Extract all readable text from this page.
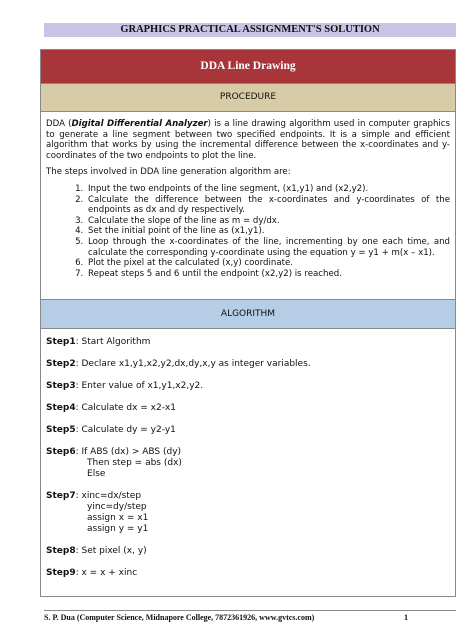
GRAPHICS PRACTICAL ASSIGNMENT'S SOLUTION
DDA Line Drawing
PROCEDURE

DDA (Digital Differential Analyzer) is a line drawing algorithm used in computer graphics to generate a line segment between two specified endpoints. It is a simple and efficient algorithm that works by using the incremental difference between the x-coordinates and y-coordinates of the two endpoints to plot the line.

The steps involved in DDA line generation algorithm are:

1. Input the two endpoints of the line segment, (x1,y1) and (x2,y2).
2. Calculate the difference between the x-coordinates and y-coordinates of the endpoints as dx and dy respectively.
3. Calculate the slope of the line as m = dy/dx.
4. Set the initial point of the line as (x1,y1).
5. Loop through the x-coordinates of the line, incrementing by one each time, and calculate the corresponding y-coordinate using the equation y = y1 + m(x – x1).
6. Plot the pixel at the calculated (x,y) coordinate.
7. Repeat steps 5 and 6 until the endpoint (x2,y2) is reached.
ALGORITHM
Step1 : Start Algorithm
Step2 : Declare x1,y1,x2,y2,dx,dy,x,y as integer variables.
Step3 : Enter value of x1,y1,x2,y2.
Step4 : Calculate dx = x2-x1
Step5 : Calculate dy = y2-y1
Step6 : If ABS (dx) > ABS (dy)
Then step = abs (dx)
Else
Step7 : xinc=dx/step
yinc=dy/step
assign x = x1
assign y = y1
Step8 : Set pixel (x, y)
Step9 : x = x + xinc
S. P. Dua (Computer Science, Midnapore College, 7872361926, www.gvtcs.com)	1
